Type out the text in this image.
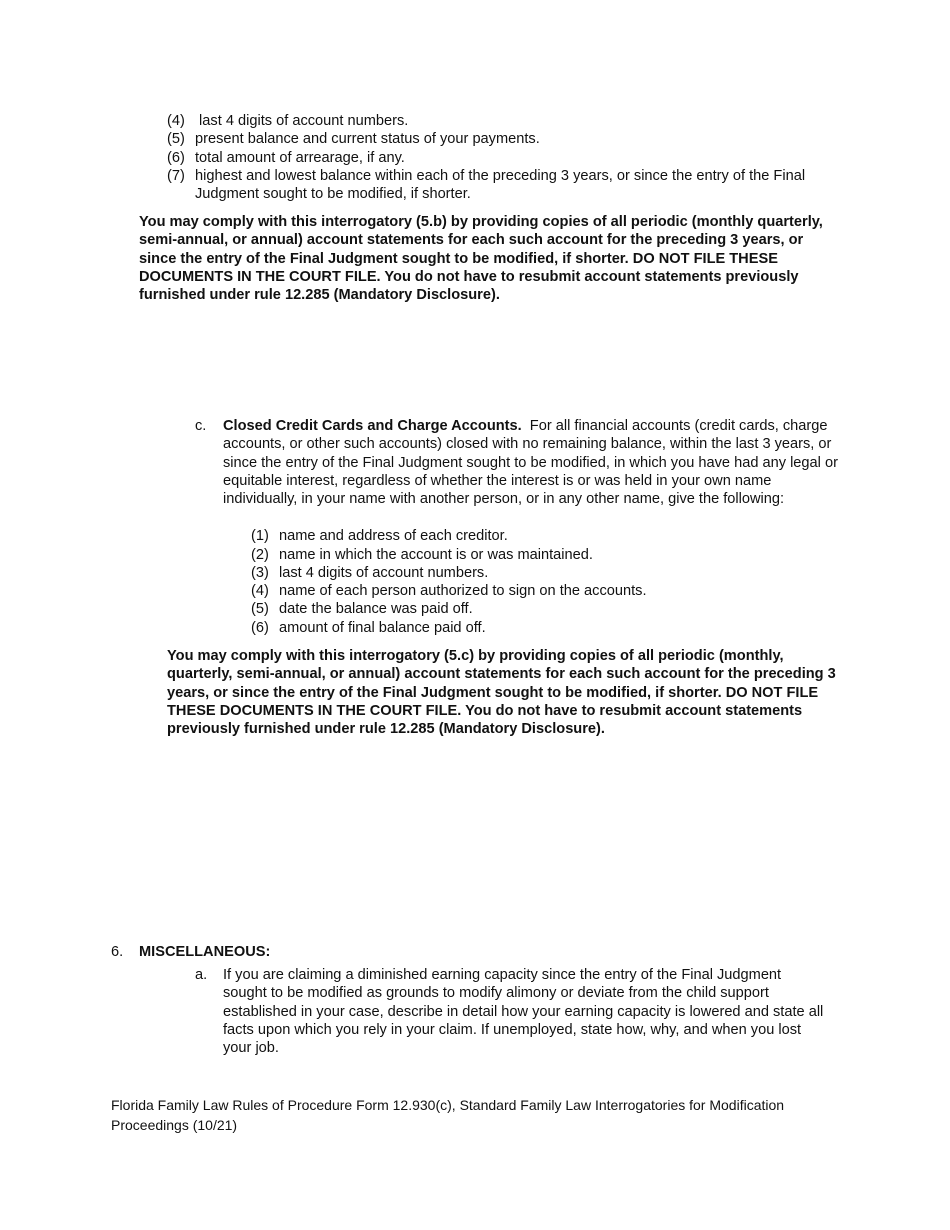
(4) last 4 digits of account numbers.
(5) present balance and current status of your payments.
(6) total amount of arrearage, if any.
(7) highest and lowest balance within each of the preceding 3 years, or since the entry of the Final Judgment sought to be modified, if shorter.
You may comply with this interrogatory (5.b) by providing copies of all periodic (monthly quarterly, semi-annual, or annual) account statements for each such account for the preceding 3 years, or since the entry of the Final Judgment sought to be modified, if shorter. DO NOT FILE THESE DOCUMENTS IN THE COURT FILE. You do not have to resubmit account statements previously furnished under rule 12.285 (Mandatory Disclosure).
c. Closed Credit Cards and Charge Accounts. For all financial accounts (credit cards, charge accounts, or other such accounts) closed with no remaining balance, within the last 3 years, or since the entry of the Final Judgment sought to be modified, in which you have had any legal or equitable interest, regardless of whether the interest is or was held in your own name individually, in your name with another person, or in any other name, give the following:
(1) name and address of each creditor.
(2) name in which the account is or was maintained.
(3) last 4 digits of account numbers.
(4) name of each person authorized to sign on the accounts.
(5) date the balance was paid off.
(6) amount of final balance paid off.
You may comply with this interrogatory (5.c) by providing copies of all periodic (monthly, quarterly, semi-annual, or annual) account statements for each such account for the preceding 3 years, or since the entry of the Final Judgment sought to be modified, if shorter. DO NOT FILE THESE DOCUMENTS IN THE COURT FILE. You do not have to resubmit account statements previously furnished under rule 12.285 (Mandatory Disclosure).
6. MISCELLANEOUS:
a. If you are claiming a diminished earning capacity since the entry of the Final Judgment sought to be modified as grounds to modify alimony or deviate from the child support established in your case, describe in detail how your earning capacity is lowered and state all facts upon which you rely in your claim. If unemployed, state how, why, and when you lost your job.
Florida Family Law Rules of Procedure Form 12.930(c), Standard Family Law Interrogatories for Modification Proceedings (10/21)
